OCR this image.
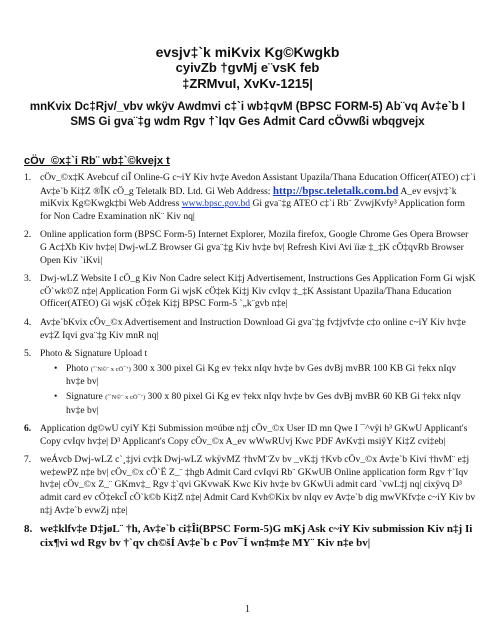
evsjv‡`k miKvix Kg©Kwgkb
cyivZb †gvMj e¨vsK feb
‡ZRMvuI, XvKv-1215|
mnKvix Dc‡Rjv/_vbv wkÿv Awdmvi c‡`i wb‡qvM (BPSC FORM-5) Ab¨vq Av‡e`b I SMS Gi gva¨‡g wdm Rgv †`Iqv Ges Admit Card cÖvwßi wbqgvejx
cÖv_©x‡`i Rb¨ wb‡`©kvejx t
1. cÖv_©x‡K Avebcuf ciÎ Online-G c~iY Kiv hv‡e Avedon Assistant Upazila/Thana Education Officer(ATEO) c‡`i Av‡e`b Ki‡Z ®ÎK cÖ_g Teletalk BD. Ltd. Gi Web Address: http://bpsc.teletalk.com.bd A_ev evsjv‡`k miKvix Kg©Kwgk‡bi Web Address www.bpsc.gov.bd Gi gva¨‡g ATEO c‡`i Rb¨ ZvwjKvfy³ Application form for Non Cadre Examination nK¨ Kiv nq|
2. Online application form (BPSC Form-5) Internet Explorer, Mozila firefox, Google Chrome Ges Opera Browser G Ac‡Xb Kiv hv‡e| Dwj-wLZ Browser Gi gva¨‡g Kiv hv‡e bv| Refresh Kivi Avi ïiæ ‡_‡K cÖ‡qvRb Browser Open Kiv `iKvi|
3. Dwj-wLZ Website I cÖ_g Kiv Non Cadre select Ki‡j Advertisement, Instructions Ges Application Form Gi wjsK cÖ`wk©Z n‡e| Application Form Gi wjsK cÖ‡ek Ki‡j Kiv cvIqv ‡_‡K Assistant Upazila/Thana Education Officer(ATEO) Gi wjsK cÖ‡ek Ki‡j BPSC Form-5 `„k¨gvb n‡e|
4. Av‡e`bKvix cÖv_©x Advertisement and Instruction Download Gi gva¨‡g fv‡jvfv‡e c‡o online c~iY Kiv hv‡e ev‡Z Iqvi gva¨‡g Kiv mnR nq|
5. Photo & Signature Upload t
• Photo (ˆ`N©¨ x cÖ¯’) 300 x 300 pixel Gi Kg ev †ekx nIqv hv‡e bv Ges dvBj mvBR 100 KB Gi †ekx nIqv hv‡e bv|
• Signature (ˆ`N©¨ x cÖ¯’) 300 x 80 pixel Gi Kg ev †ekx nIqv hv‡e bv Ges dvBj mvBR 60 KB Gi †ekx nIqv hv‡e bv|
6. Application dg©wU cyiY K‡i Submission m¤úbœ n‡j cÖv_©x User ID mn Qwe I ¯^vÿi h³ GKwU Applicant's Copy cvIqv hv‡e| D³ Applicant's Copy cÖv_©x A_ev wWwRUvj Kwc PDF AvKv‡i msiÿY Ki‡Z cvi‡eb|
7. weÁvcb Dwj-wLZ c`¸‡jvi cv‡k Dwj-wLZ wkÿvMZ †hvM¨Zv bv _vK‡j †Kvb cÖv_©x Av‡e`b Kivi †hvM¨ e‡j we‡ewPZ n‡e bv| cÖv_©x cÖ`Ë Z_¨ ‡hgb Admit Card cvIqvi Rb¨ GKwUB Online application form Rgv †`Iqv hv‡e| cÖv_©x Z_¨ GKmv‡_ Rgv ‡`qvi GKvwaK Kwc Kiv hv‡e bv GKwUi admit card `vwL‡j nq| cixÿvq D³ admit card ev cÖ‡ekcÎ cÖ`k©b Ki‡Z n‡e| Admit Card Kvh©Kix bv nIqv ev Av‡e`b dig mwVKfv‡e c~iY Kiv bv n‡j Av‡e`b evwZj n‡e|
8. we‡klfv‡e D‡jøL¨ †h, Av‡e`b ci‡Îi(BPSC Form-5)G mKj Ask c~iY Kiv submission Kiv n‡j Ii cix¶vi wd Rgv bv †`qv ch©šÍ Av‡e`b c Pov¯Í wn‡m‡e MY¨ Kiv n‡e bv|
1
